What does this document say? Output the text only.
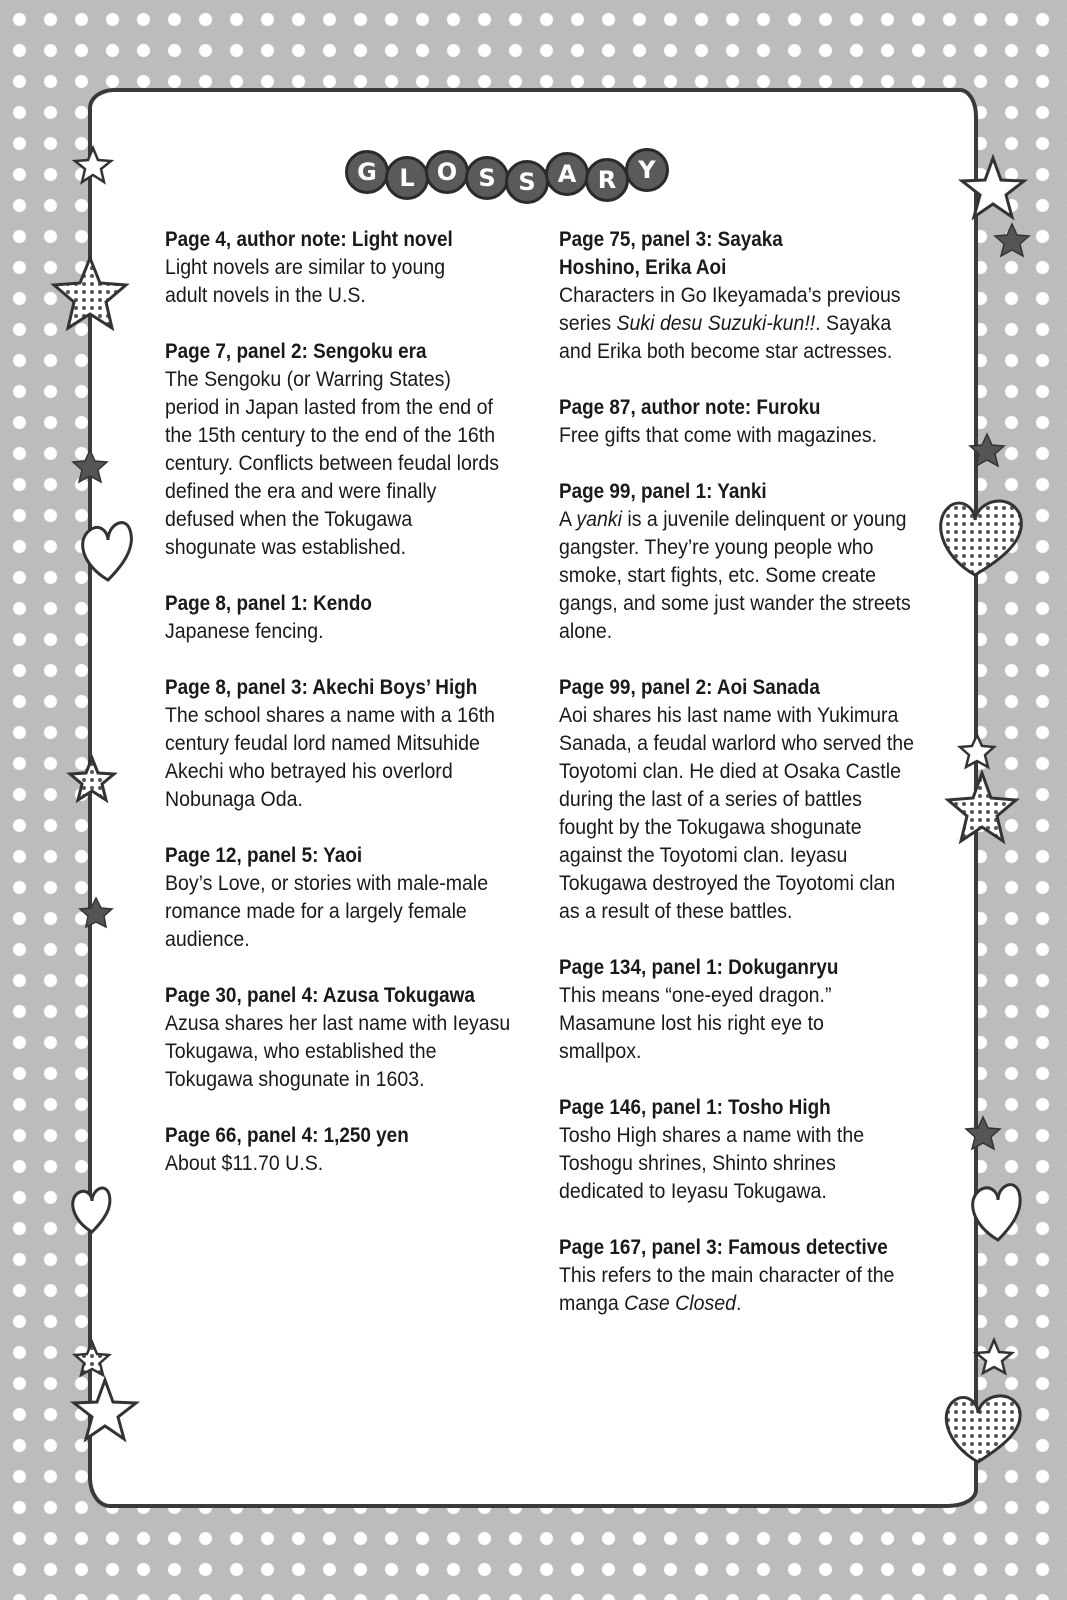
G L O S S A R Y
Page 4, author note: Light novel
Light novels are similar to young adult novels in the U.S.
Page 7, panel 2: Sengoku era
The Sengoku (or Warring States) period in Japan lasted from the end of the 15th century to the end of the 16th century. Conflicts between feudal lords defined the era and were finally defused when the Tokugawa shogunate was established.
Page 8, panel 1: Kendo
Japanese fencing.
Page 8, panel 3: Akechi Boys’ High
The school shares a name with a 16th century feudal lord named Mitsuhide Akechi who betrayed his overlord Nobunaga Oda.
Page 12, panel 5: Yaoi
Boy’s Love, or stories with male-male romance made for a largely female audience.
Page 30, panel 4: Azusa Tokugawa
Azusa shares her last name with Ieyasu Tokugawa, who established the Tokugawa shogunate in 1603.
Page 66, panel 4: 1,250 yen
About $11.70 U.S.
Page 75, panel 3: Sayaka Hoshino, Erika Aoi
Characters in Go Ikeyamada’s previous series Suki desu Suzuki-kun!!. Sayaka and Erika both become star actresses.
Page 87, author note: Furoku
Free gifts that come with magazines.
Page 99, panel 1: Yanki
A yanki is a juvenile delinquent or young gangster. They’re young people who smoke, start fights, etc. Some create gangs, and some just wander the streets alone.
Page 99, panel 2: Aoi Sanada
Aoi shares his last name with Yukimura Sanada, a feudal warlord who served the Toyotomi clan. He died at Osaka Castle during the last of a series of battles fought by the Tokugawa shogunate against the Toyotomi clan. Ieyasu Tokugawa destroyed the Toyotomi clan as a result of these battles.
Page 134, panel 1: Dokuganryu
This means “one-eyed dragon.” Masamune lost his right eye to smallpox.
Page 146, panel 1: Tosho High
Tosho High shares a name with the Toshogu shrines, Shinto shrines dedicated to Ieyasu Tokugawa.
Page 167, panel 3: Famous detective
This refers to the main character of the manga Case Closed.
